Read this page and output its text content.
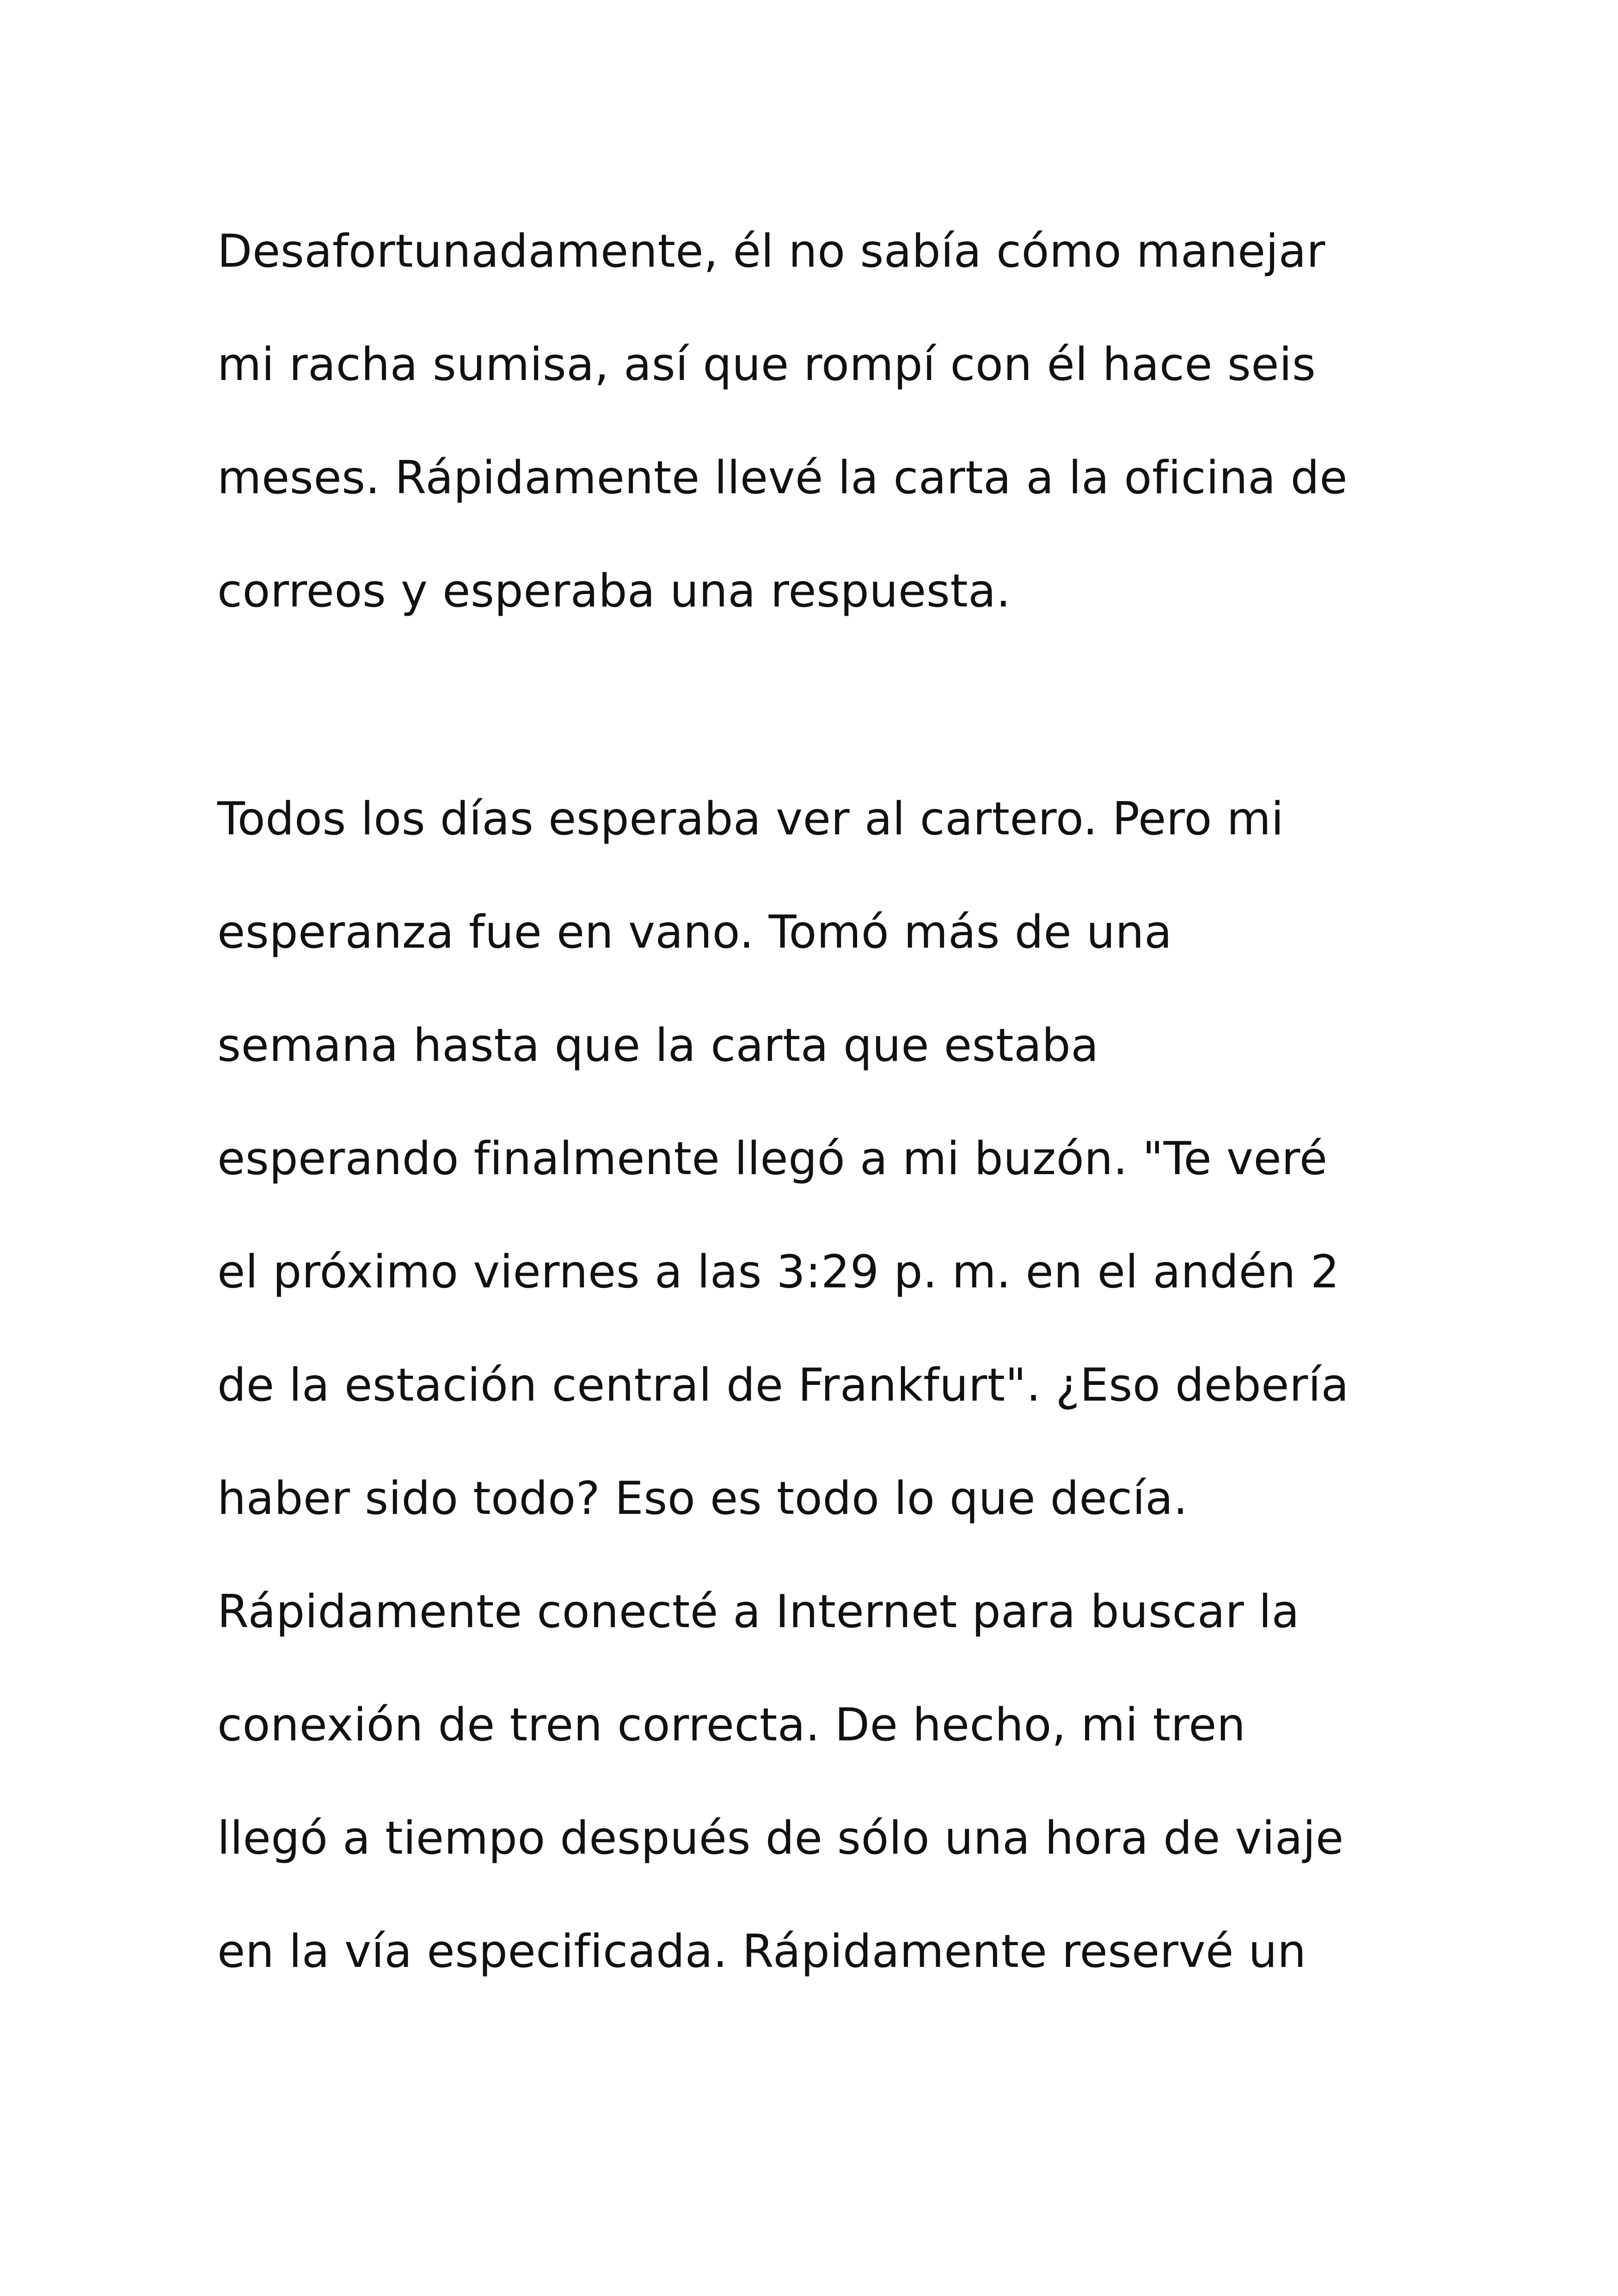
Desafortunadamente, él no sabía cómo manejar
mi racha sumisa, así que rompí con él hace seis
meses. Rápidamente llevé la carta a la oficina de
correos y esperaba una respuesta.

Todos los días esperaba ver al cartero. Pero mi
esperanza fue en vano. Tomó más de una
semana hasta que la carta que estaba
esperando finalmente llegó a mi buzón. "Te veré
el próximo viernes a las 3:29 p. m. en el andén 2
de la estación central de Frankfurt". ¿Eso debería
haber sido todo? Eso es todo lo que decía.
Rápidamente conecté a Internet para buscar la
conexión de tren correcta. De hecho, mi tren
llegó a tiempo después de sólo una hora de viaje
en la vía especificada. Rápidamente reservé un
